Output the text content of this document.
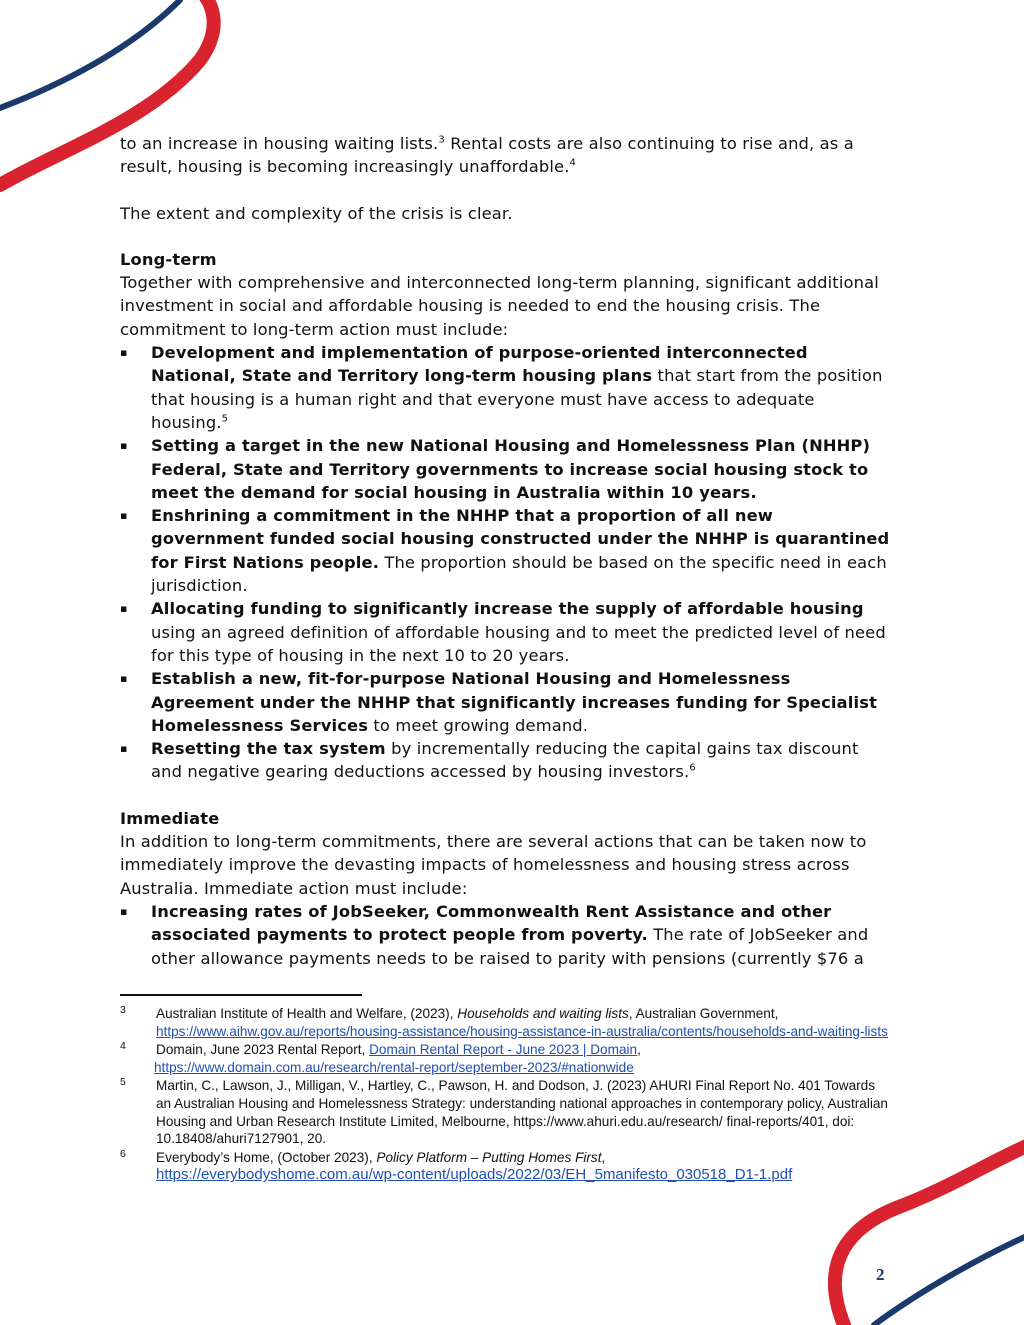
to an increase in housing waiting lists.$^3$ Rental costs are also continuing to rise and, as a result, housing is becoming increasingly unaffordable.$^4$

The extent and complexity of the crisis is clear.

Long-term

Together with comprehensive and interconnected long-term planning, significant additional investment in social and affordable housing is needed to end the housing crisis. The commitment to long-term action must include:

▪
Development and implementation of purpose-oriented interconnected National, State and Territory long-term housing plans that start from the position that housing is a human right and that everyone must have access to adequate housing.$^5$
▪
Setting a target in the new National Housing and Homelessness Plan (NHHP) Federal, State and Territory governments to increase social housing stock to meet the demand for social housing in Australia within 10 years.
▪
Enshrining a commitment in the NHHP that a proportion of all new government funded social housing constructed under the NHHP is quarantined for First Nations people. The proportion should be based on the specific need in each jurisdiction.
▪
Allocating funding to significantly increase the supply of affordable housing using an agreed definition of affordable housing and to meet the predicted level of need for this type of housing in the next 10 to 20 years.
▪
Establish a new, fit-for-purpose National Housing and Homelessness Agreement under the NHHP that significantly increases funding for Specialist Homelessness Services to meet growing demand.
▪
Resetting the tax system by incrementally reducing the capital gains tax discount and negative gearing deductions accessed by housing investors.$^6$

Immediate

In addition to long-term commitments, there are several actions that can be taken now to immediately improve the devasting impacts of homelessness and housing stress across Australia. Immediate action must include:

▪
Increasing rates of JobSeeker, Commonwealth Rent Assistance and other associated payments to protect people from poverty. The rate of JobSeeker and other allowance payments needs to be raised to parity with pensions (currently $76 a

3 Australian Institute of Health and Welfare, (2023), Households and waiting lists, Australian Government, https://www.aihw.gov.au/reports/housing-assistance/housing-assistance-in-australia/contents/households-and-waiting-lists

4 Domain, June 2023 Rental Report, Domain Rental Report - June 2023 | Domain,
https://www.domain.com.au/research/rental-report/september-2023/#nationwide

5 Martin, C., Lawson, J., Milligan, V., Hartley, C., Pawson, H. and Dodson, J. (2023) AHURI Final Report No. 401 Towards an Australian Housing and Homelessness Strategy: understanding national approaches in contemporary policy, Australian Housing and Urban Research Institute Limited, Melbourne, https://www.ahuri.edu.au/research/ final-reports/401, doi: 10.18408/ahuri7127901, 20.

6 Everybody’s Home, (October 2023), Policy Platform – Putting Homes First,
https://everybodyshome.com.au/wp-content/uploads/2022/03/EH_5manifesto_030518_D1-1.pdf

2
